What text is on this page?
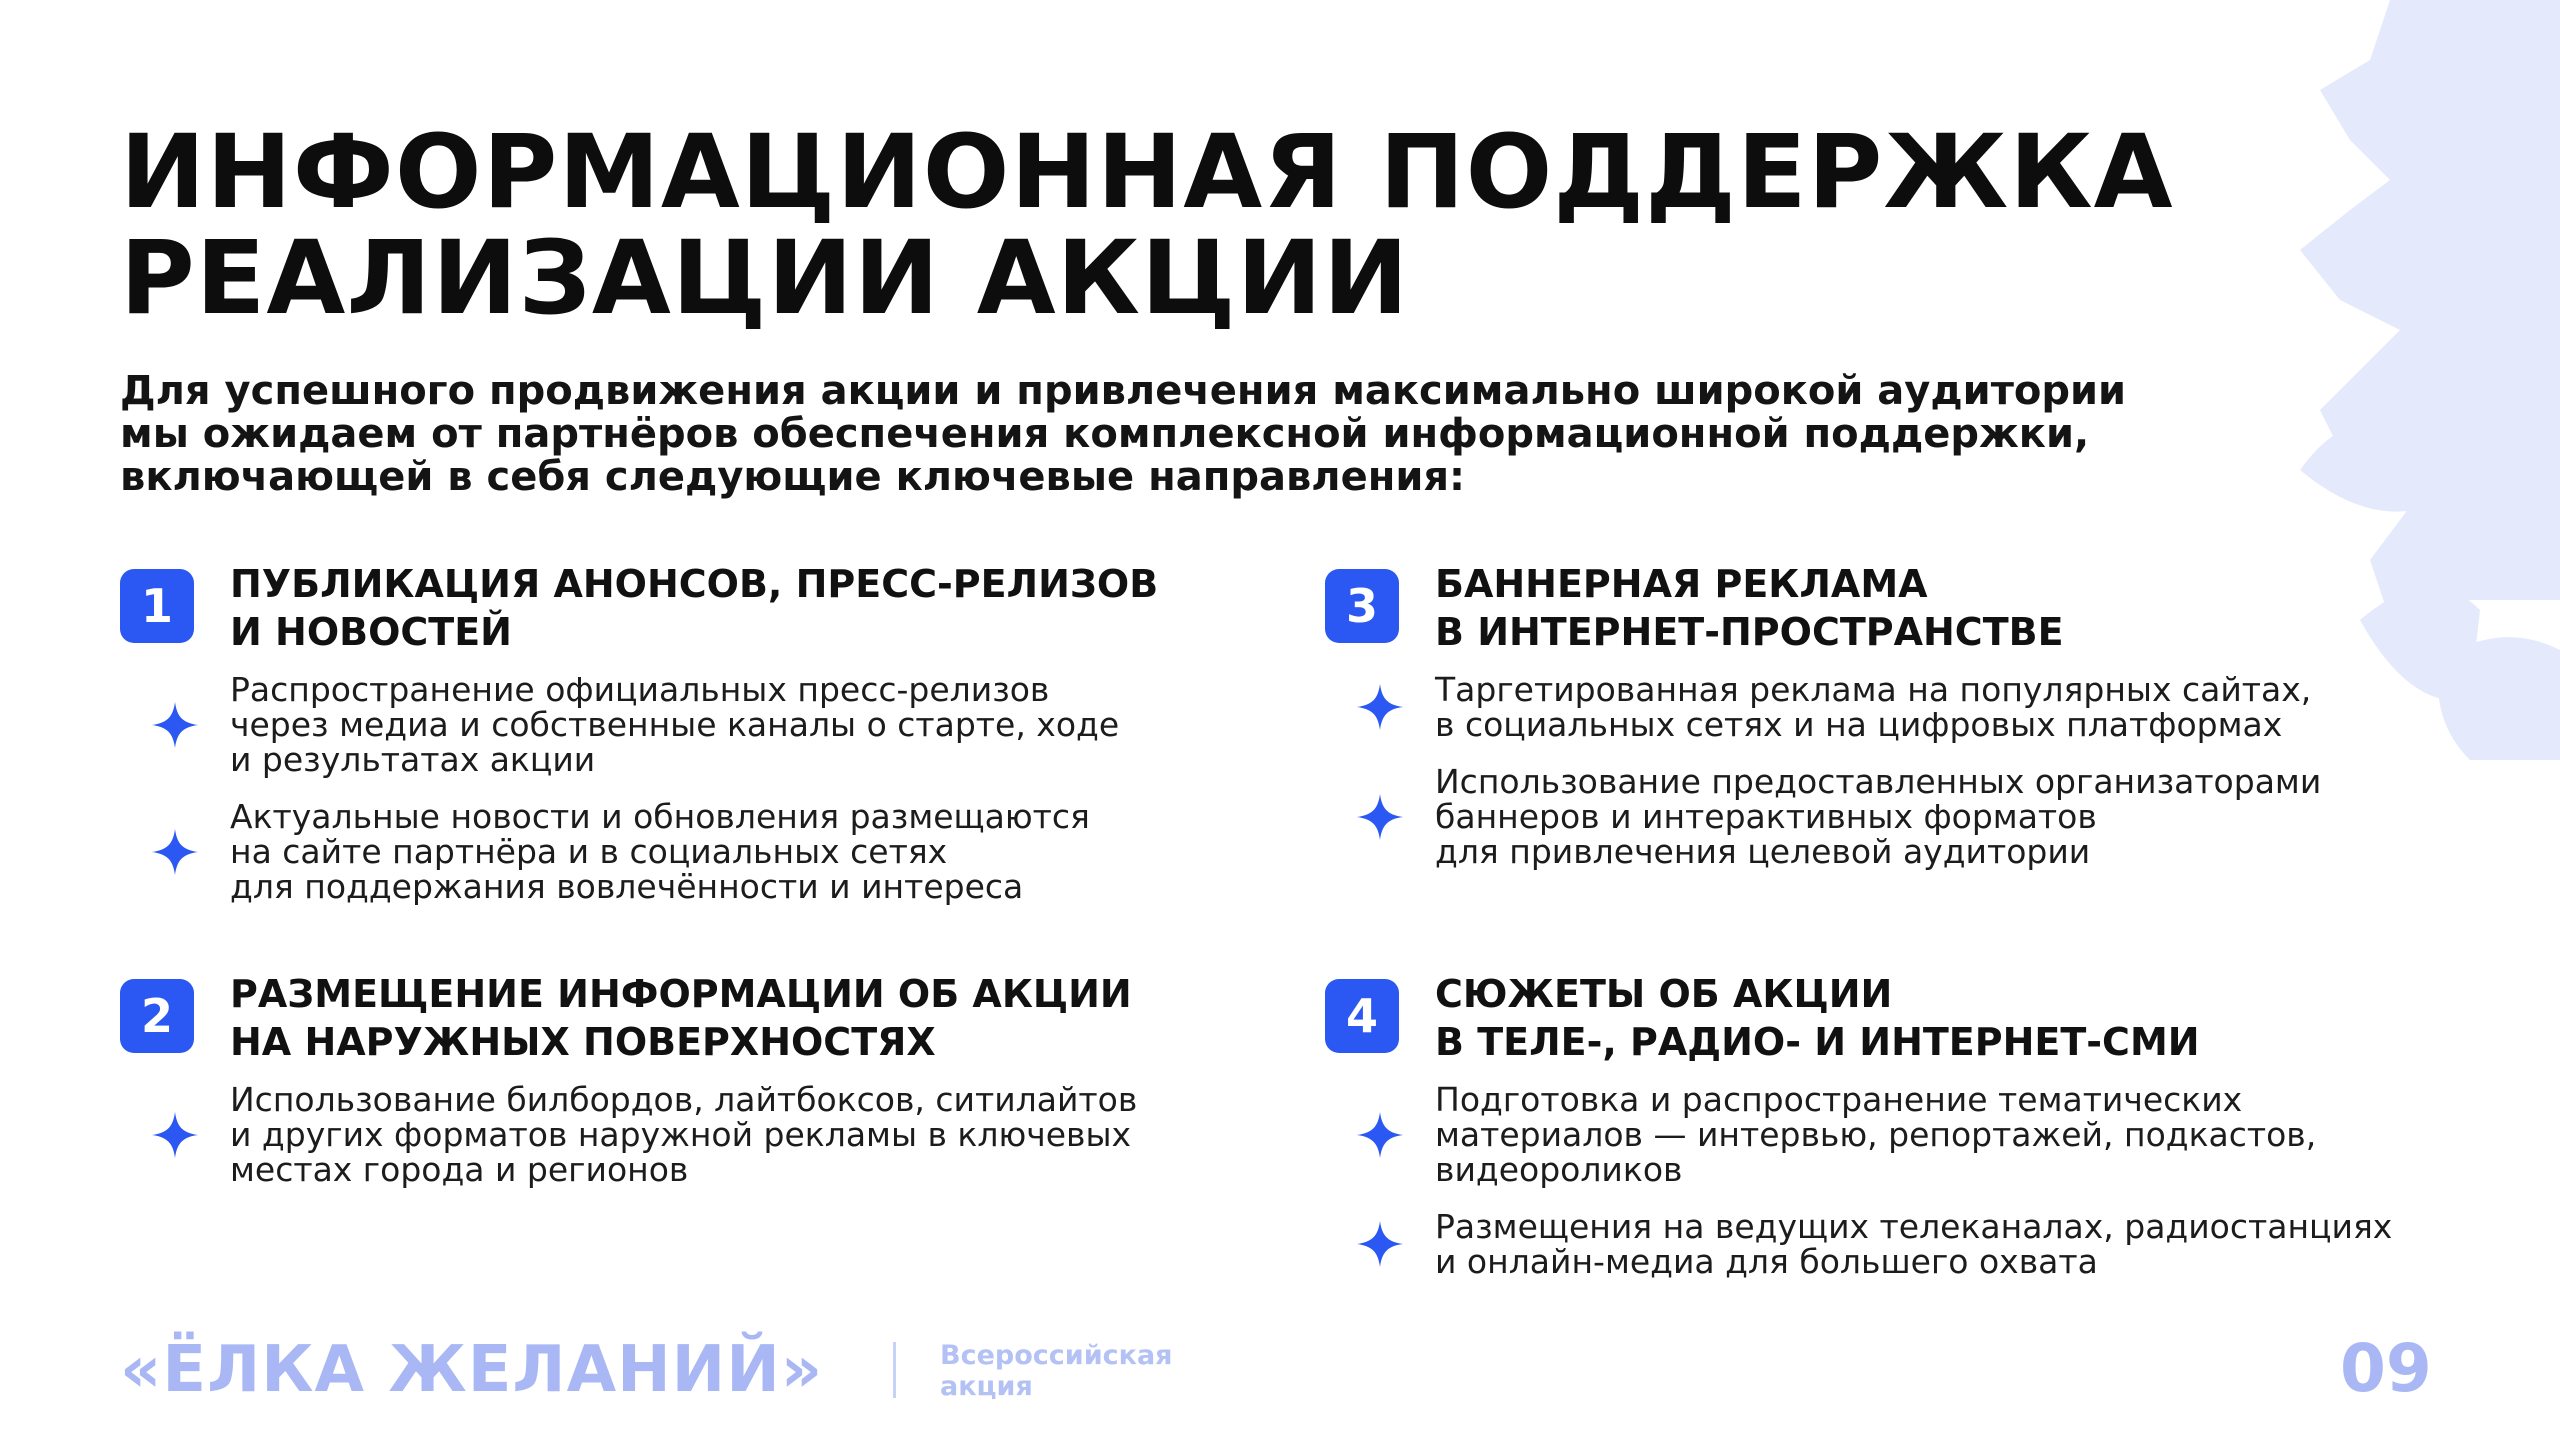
ИНФОРМАЦИОННАЯ ПОДДЕРЖКА
РЕАЛИЗАЦИИ АКЦИИ

Для успешного продвижения акции и привлечения максимально широкой аудитории
мы ожидаем от партнёров обеспечения комплексной информационной поддержки,
включающей в себя следующие ключевые направления:

1	ПУБЛИКАЦИЯ АНОНСОВ, ПРЕСС-РЕЛИЗОВ
И НОВОСТЕЙ
Распространение официальных пресс-релизов
через медиа и собственные каналы о старте, ходе
и результатах акции
Актуальные новости и обновления размещаются
на сайте партнёра и в социальных сетях
для поддержания вовлечённости и интереса
2	РАЗМЕЩЕНИЕ ИНФОРМАЦИИ ОБ АКЦИИ
НА НАРУЖНЫХ ПОВЕРХНОСТЯХ
Использование билбордов, лайтбоксов, ситилайтов
и других форматов наружной рекламы в ключевых
местах города и регионов
3	БАННЕРНАЯ РЕКЛАМА
В ИНТЕРНЕТ-ПРОСТРАНСТВЕ
Таргетированная реклама на популярных сайтах,
в социальных сетях и на цифровых платформах
Использование предоставленных организаторами
баннеров и интерактивных форматов
для привлечения целевой аудитории
4	СЮЖЕТЫ ОБ АКЦИИ
В ТЕЛЕ-, РАДИО- И ИНТЕРНЕТ-СМИ
Подготовка и распространение тематических
материалов — интервью, репортажей, подкастов,
видеороликов
Размещения на ведущих телеканалах, радиостанциях
и онлайн-медиа для большего охвата
«ЁЛКА ЖЕЛАНИЙ»	Всероссийская
акция	09
